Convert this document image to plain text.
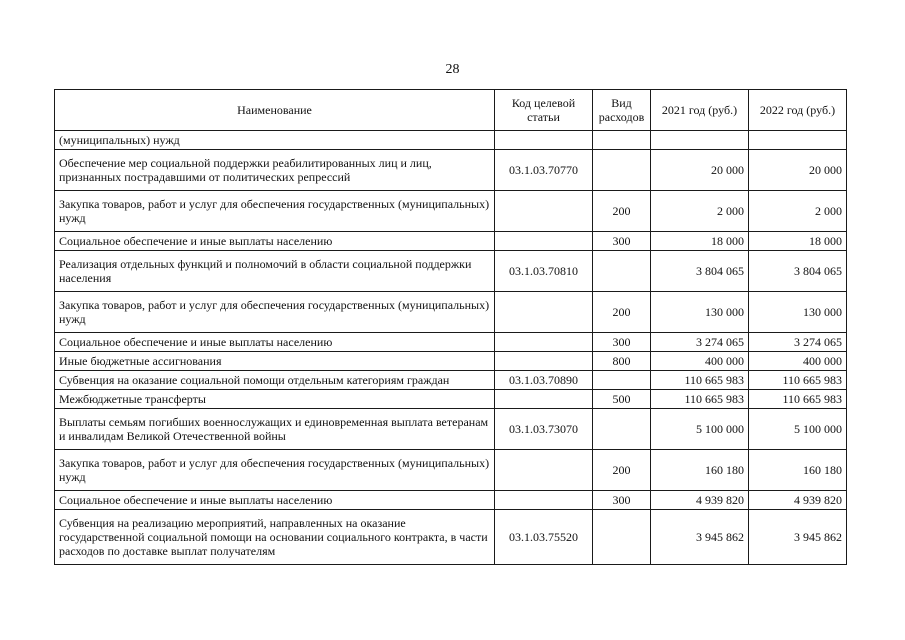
28
Наименование	Код целевой статьи	Вид расходов	2021 год (руб.)	2022 год (руб.)
(муниципальных) нужд				
Обеспечение мер социальной поддержки реабилитированных лиц и лиц, признанных пострадавшими от политических репрессий	03.1.03.70770		20 000	20 000
Закупка товаров, работ и услуг для обеспечения государственных (муниципальных) нужд		200	2 000	2 000
Социальное обеспечение и иные выплаты населению		300	18 000	18 000
Реализация отдельных функций и полномочий в области социальной поддержки населения	03.1.03.70810		3 804 065	3 804 065
Закупка товаров, работ и услуг для обеспечения государственных (муниципальных) нужд		200	130 000	130 000
Социальное обеспечение и иные выплаты населению		300	3 274 065	3 274 065
Иные бюджетные ассигнования		800	400 000	400 000
Субвенция на оказание социальной помощи отдельным категориям граждан	03.1.03.70890		110 665 983	110 665 983
Межбюджетные трансферты		500	110 665 983	110 665 983
Выплаты семьям погибших военнослужащих и единовременная выплата ветеранам и инвалидам Великой Отечественной войны	03.1.03.73070		5 100 000	5 100 000
Закупка товаров, работ и услуг для обеспечения государственных (муниципальных) нужд		200	160 180	160 180
Социальное обеспечение и иные выплаты населению		300	4 939 820	4 939 820
Субвенция на реализацию мероприятий, направленных на оказание государственной социальной помощи на основании социального контракта, в части расходов по доставке выплат получателям	03.1.03.75520		3 945 862	3 945 862
